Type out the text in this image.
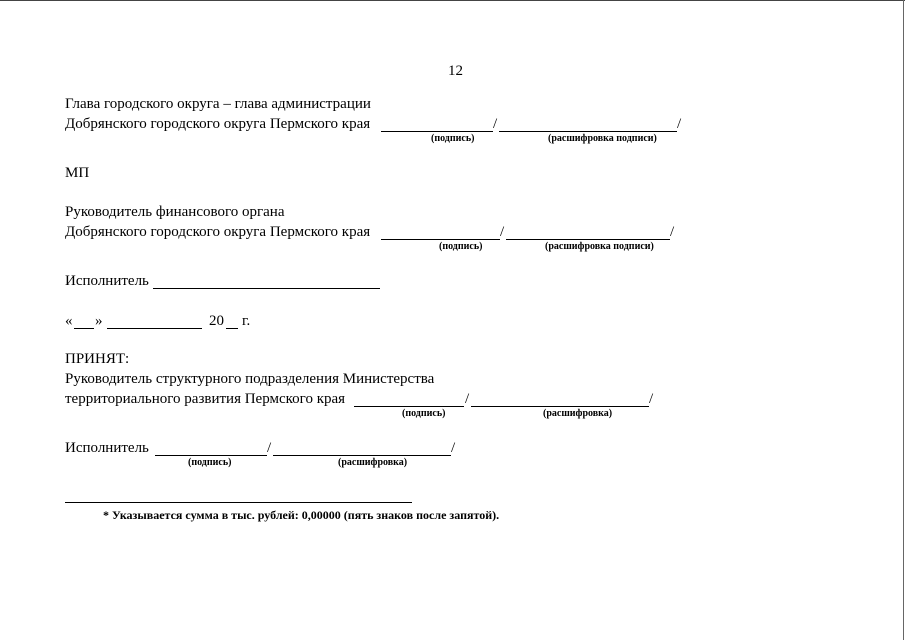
12
Глава городского округа – глава администрации
Добрянского городского округа Пермского края	/	/
(подпись)	(расшифровка подписи)
МП
Руководитель финансового органа
Добрянского городского округа Пермского края	/	/
(подпись)	(расшифровка подписи)
Исполнитель
« »	20 г.
ПРИНЯТ:
Руководитель структурного подразделения Министерства
территориального развития Пермского края	/	/
(подпись)	(расшифровка)
Исполнитель	/	/
(подпись)	(расшифровка)
* Указывается сумма в тыс. рублей: 0,00000 (пять знаков после запятой).
